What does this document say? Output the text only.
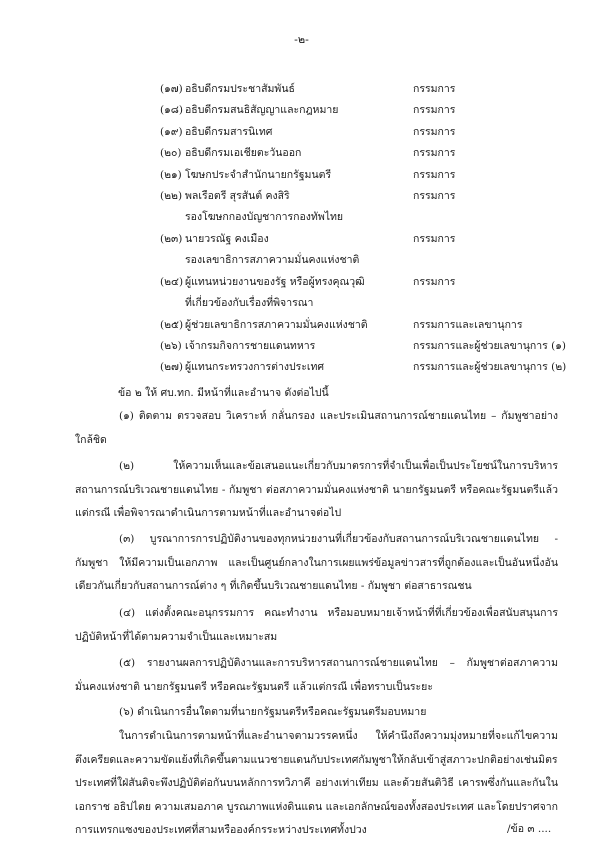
-๒-
(๑๗) อธิบดีกรมประชาสัมพันธ์	กรรมการ
(๑๘) อธิบดีกรมสนธิสัญญาและกฎหมาย	กรรมการ
(๑๙) อธิบดีกรมสารนิเทศ	กรรมการ
(๒๐) อธิบดีกรมเอเชียตะวันออก	กรรมการ
(๒๑) โฆษกประจำสำนักนายกรัฐมนตรี	กรรมการ
(๒๒) พลเรือตรี สุรสันต์ คงสิริ	กรรมการ
รองโฆษกกองบัญชาการกองทัพไทย
(๒๓) นายวรณัฐ คงเมือง	กรรมการ
รองเลขาธิการสภาความมั่นคงแห่งชาติ
(๒๔) ผู้แทนหน่วยงานของรัฐ หรือผู้ทรงคุณวุฒิ	กรรมการ
ที่เกี่ยวข้องกับเรื่องที่พิจารณา
(๒๕) ผู้ช่วยเลขาธิการสภาความมั่นคงแห่งชาติ	กรรมการและเลขานุการ
(๒๖) เจ้ากรมกิจการชายแดนทหาร	กรรมการและผู้ช่วยเลขานุการ (๑)
(๒๗) ผู้แทนกระทรวงการต่างประเทศ	กรรมการและผู้ช่วยเลขานุการ (๒)
ข้อ ๒ ให้ ศบ.ทก. มีหน้าที่และอำนาจ ดังต่อไปนี้
(๑) ติดตาม ตรวจสอบ วิเคราะห์ กลั่นกรอง และประเมินสถานการณ์ชายแดนไทย – กัมพูชาอย่างใกล้ชิด
(๒) ให้ความเห็นและข้อเสนอแนะเกี่ยวกับมาตรการที่จำเป็นเพื่อเป็นประโยชน์ในการบริหารสถานการณ์บริเวณชายแดนไทย - กัมพูชา ต่อสภาความมั่นคงแห่งชาติ นายกรัฐมนตรี หรือคณะรัฐมนตรีแล้วแต่กรณี เพื่อพิจารณาดำเนินการตามหน้าที่และอำนาจต่อไป
(๓) บูรณาการการปฏิบัติงานของทุกหน่วยงานที่เกี่ยวข้องกับสถานการณ์บริเวณชายแดนไทย - กัมพูชา ให้มีความเป็นเอกภาพ และเป็นศูนย์กลางในการเผยแพร่ข้อมูลข่าวสารที่ถูกต้องและเป็นอันหนึ่งอันเดียวกันเกี่ยวกับสถานการณ์ต่าง ๆ ที่เกิดขึ้นบริเวณชายแดนไทย - กัมพูชา ต่อสาธารณชน
(๔) แต่งตั้งคณะอนุกรรมการ คณะทำงาน หรือมอบหมายเจ้าหน้าที่ที่เกี่ยวข้องเพื่อสนับสนุนการปฏิบัติหน้าที่ได้ตามความจำเป็นและเหมาะสม
(๕) รายงานผลการปฏิบัติงานและการบริหารสถานการณ์ชายแดนไทย – กัมพูชาต่อสภาความมั่นคงแห่งชาติ นายกรัฐมนตรี หรือคณะรัฐมนตรี แล้วแต่กรณี เพื่อทราบเป็นระยะ
(๖) ดำเนินการอื่นใดตามที่นายกรัฐมนตรีหรือคณะรัฐมนตรีมอบหมาย
ในการดำเนินการตามหน้าที่และอำนาจตามวรรคหนึ่ง ให้คำนึงถึงความมุ่งหมายที่จะแก้ไขความตึงเครียดและความขัดแย้งที่เกิดขึ้นตามแนวชายแดนกับประเทศกัมพูชาให้กลับเข้าสู่สภาวะปกติอย่างเช่นมิตรประเทศที่ใฝ่สันติจะพึงปฏิบัติต่อกันบนหลักการทวิภาคี อย่างเท่าเทียม และด้วยสันติวิธี เคารพซึ่งกันและกันในเอกราช อธิปไตย ความเสมอภาค บูรณภาพแห่งดินแดน และเอกลักษณ์ของทั้งสองประเทศ และโดยปราศจากการแทรกแซงของประเทศที่สามหรือองค์กรระหว่างประเทศทั้งปวง	/ข้อ ๓ ....
